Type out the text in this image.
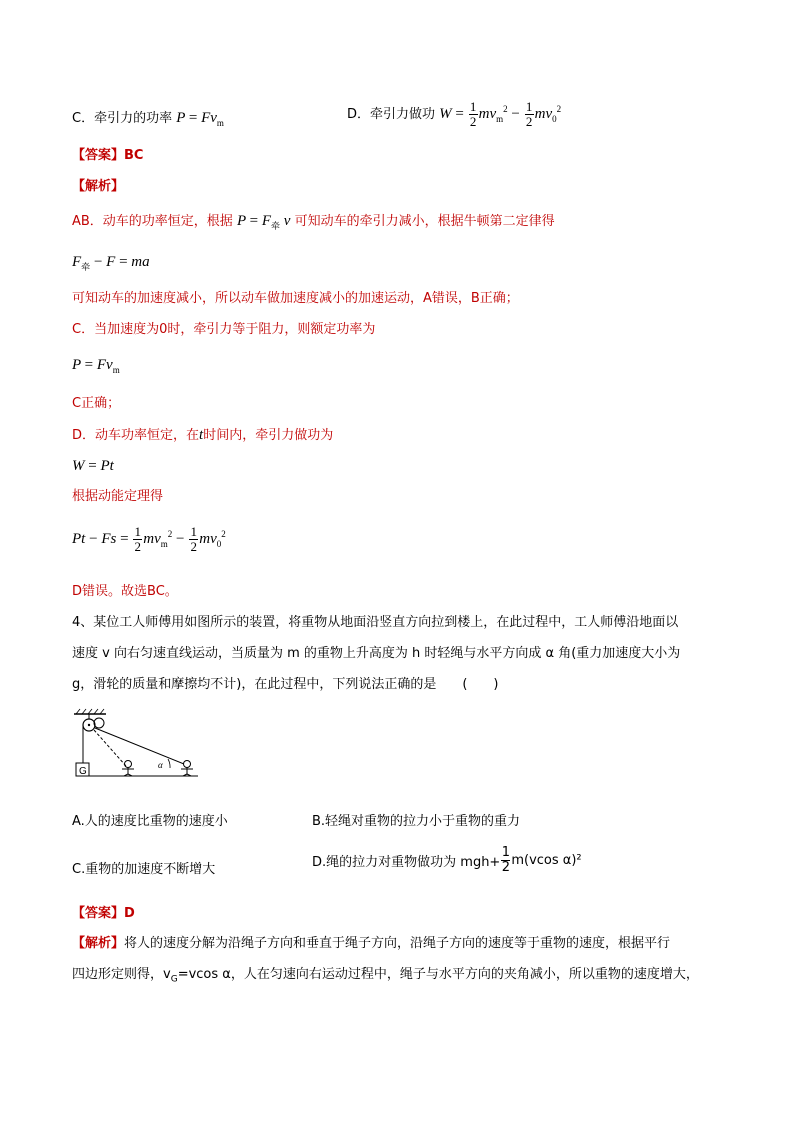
C．牵引力的功率 $P = Fv_m$
D．牵引力做功 $W = \frac{1}{2} mv_m^2 - \frac{1}{2} mv_0^2$
【答案】BC
【解析】
AB．动车的功率恒定，根据 $P = F_牵$ v 可知动车的牵引力减小，根据牛顿第二定律得
$F_牵 - F$ = ma
可知动车的加速度减小，所以动车做加速度减小的加速运动，A错误，B正确；
C．当加速度为0时，牵引力等于阻力，则额定功率为
$P = Fv_m$
C正确；
D．动车功率恒定，在t时间内，牵引力做功为
W = Pt
根据动能定理得
$Pt - Fs = \frac{1}{2} mv_m^2 - \frac{1}{2} mv_0^2$
D错误。故选BC。
4、某位工人师傅用如图所示的装置，将重物从地面沿竖直方向拉到楼上，在此过程中，工人师傅沿地面以
速度 v 向右匀速直线运动，当质量为 m 的重物上升高度为 h 时轻绳与水平方向成 α 角(重力加速度大小为
g，滑轮的质量和摩擦均不计)，在此过程中，下列说法正确的是　　(　　)
G
α
A.人的速度比重物的速度小	B.轻绳对重物的拉力小于重物的重力
C.重物的加速度不断增大	D.绳的拉力对重物做功为 $mgh+ \frac{1}{2} m(vcos$ α)²
【答案】D
【解析】将人的速度分解为沿绳子方向和垂直于绳子方向，沿绳子方向的速度等于重物的速度，根据平行
四边形定则得，$v_G=vcos$ α，人在匀速向右运动过程中，绳子与水平方向的夹角减小，所以重物的速度增大，
